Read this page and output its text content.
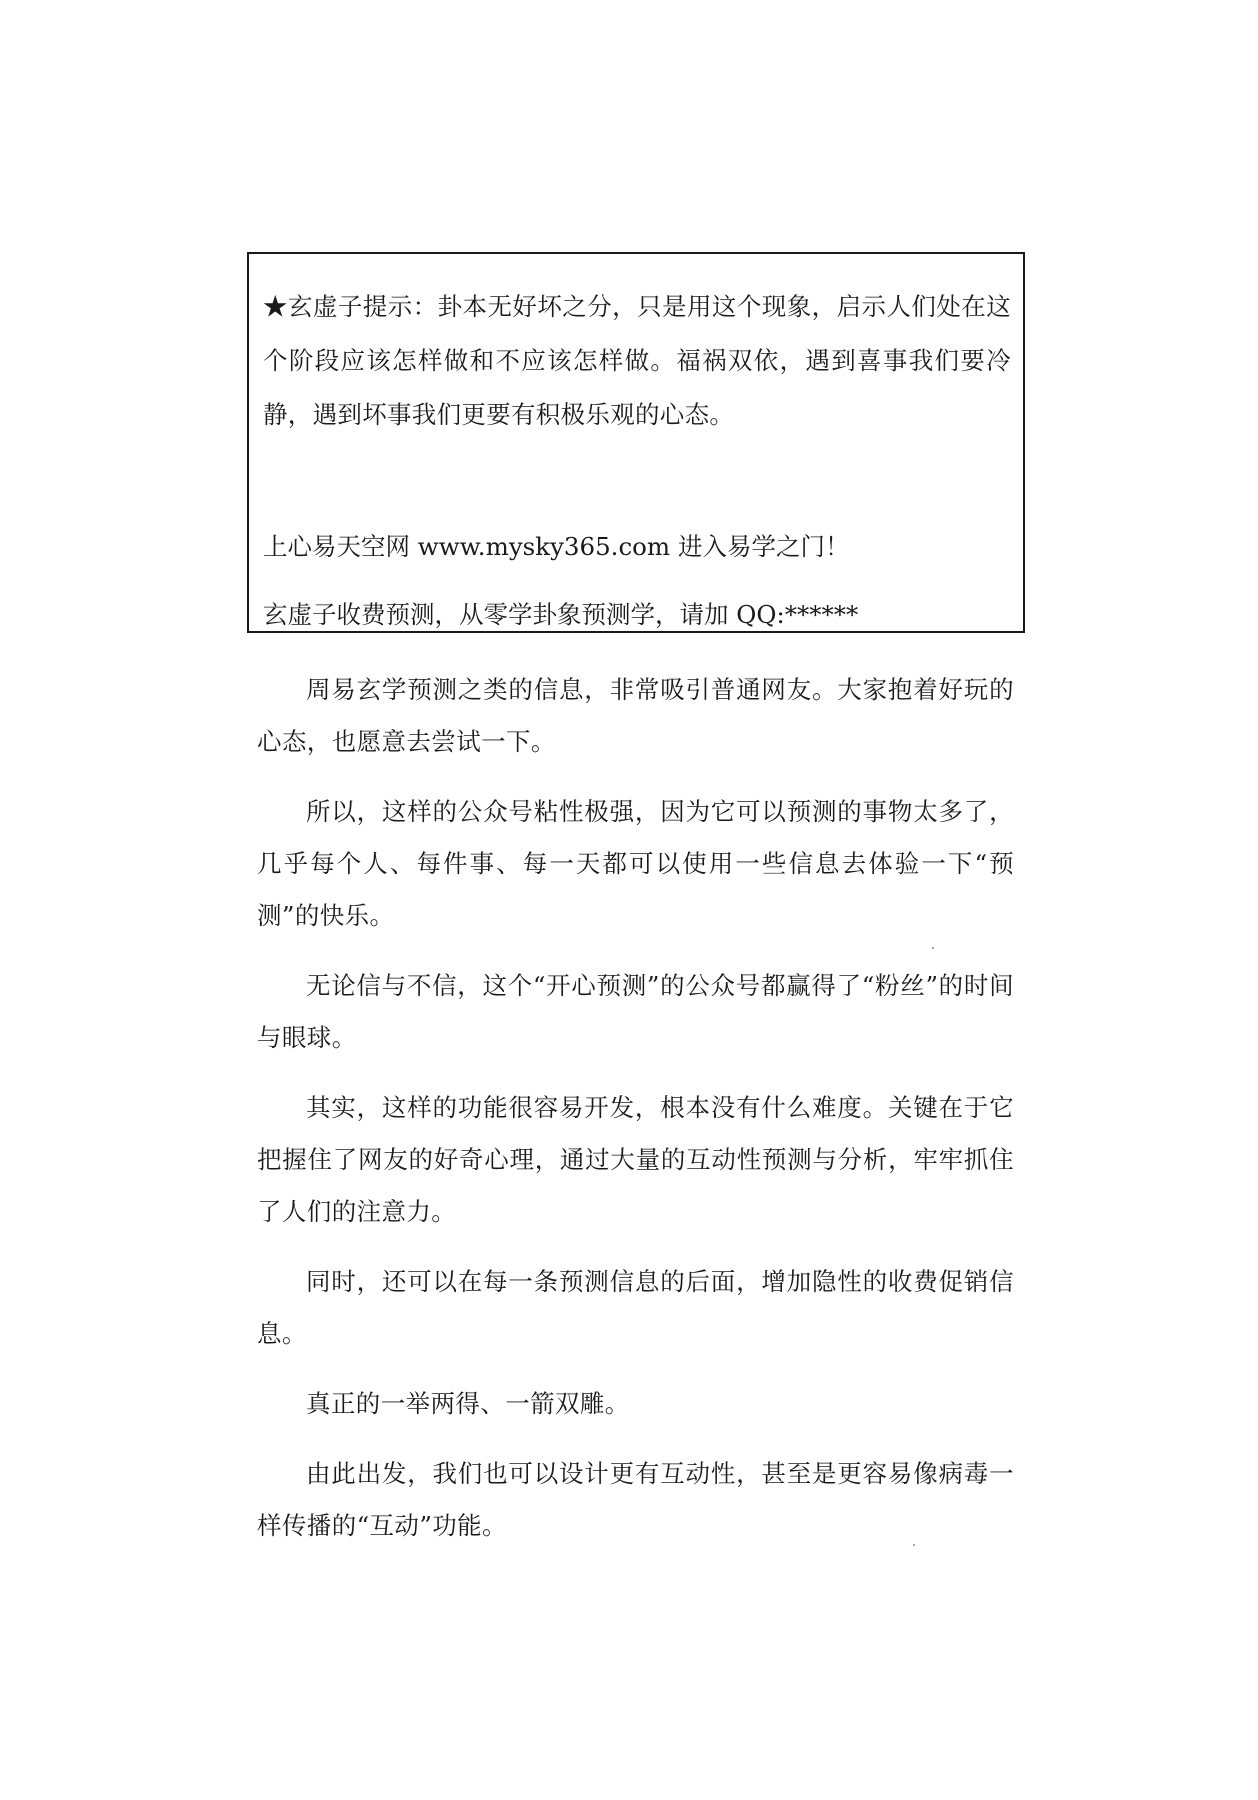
★玄虚子提示：卦本无好坏之分，只是用这个现象，启示人们处在这个阶段应该怎样做和不应该怎样做。福祸双依，遇到喜事我们要冷静，遇到坏事我们更要有积极乐观的心态。

上心易天空网 www.mysky365.com 进入易学之门！

玄虚子收费预测，从零学卦象预测学，请加 QQ:******

周易玄学预测之类的信息，非常吸引普通网友。大家抱着好玩的心态，也愿意去尝试一下。

所以，这样的公众号粘性极强，因为它可以预测的事物太多了，几乎每个人、每件事、每一天都可以使用一些信息去体验一下“预测”的快乐。

无论信与不信，这个“开心预测”的公众号都赢得了“粉丝”的时间与眼球。

其实，这样的功能很容易开发，根本没有什么难度。关键在于它把握住了网友的好奇心理，通过大量的互动性预测与分析，牢牢抓住了人们的注意力。

同时，还可以在每一条预测信息的后面，增加隐性的收费促销信息。

真正的一举两得、一箭双雕。

由此出发，我们也可以设计更有互动性，甚至是更容易像病毒一样传播的“互动”功能。
